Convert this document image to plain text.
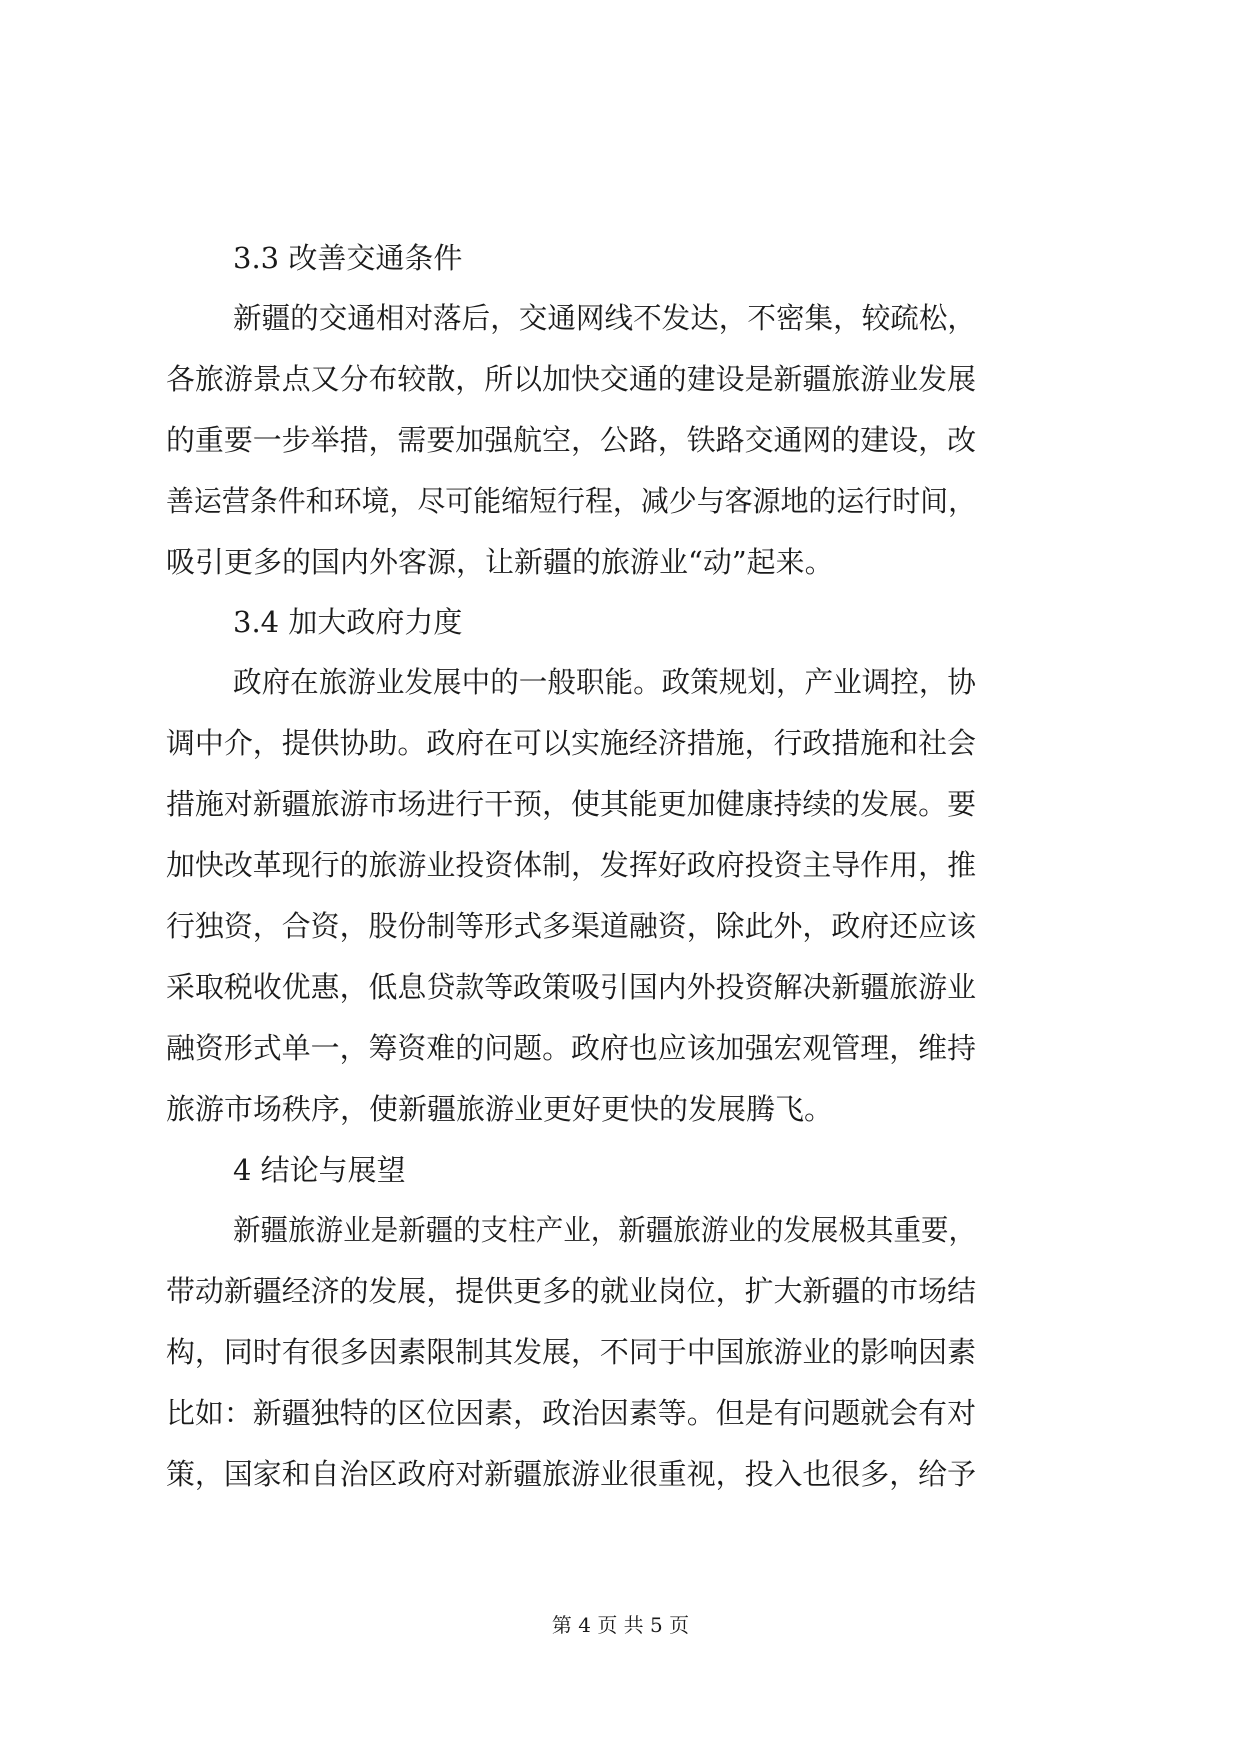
3.3 改善交通条件
新疆的交通相对落后，交通网线不发达，不密集，较疏松，
各旅游景点又分布较散，所以加快交通的建设是新疆旅游业发展
的重要一步举措，需要加强航空，公路，铁路交通网的建设，改
善运营条件和环境，尽可能缩短行程，减少与客源地的运行时间，
吸引更多的国内外客源，让新疆的旅游业“动”起来。
3.4 加大政府力度
政府在旅游业发展中的一般职能。政策规划，产业调控，协
调中介，提供协助。政府在可以实施经济措施，行政措施和社会
措施对新疆旅游市场进行干预，使其能更加健康持续的发展。要
加快改革现行的旅游业投资体制，发挥好政府投资主导作用，推
行独资，合资，股份制等形式多渠道融资，除此外，政府还应该
采取税收优惠，低息贷款等政策吸引国内外投资解决新疆旅游业
融资形式单一，筹资难的问题。政府也应该加强宏观管理，维持
旅游市场秩序，使新疆旅游业更好更快的发展腾飞。
4 结论与展望
新疆旅游业是新疆的支柱产业，新疆旅游业的发展极其重要，
带动新疆经济的发展，提供更多的就业岗位，扩大新疆的市场结
构，同时有很多因素限制其发展，不同于中国旅游业的影响因素
比如：新疆独特的区位因素，政治因素等。但是有问题就会有对
策，国家和自治区政府对新疆旅游业很重视，投入也很多，给予
第 4 页 共 5 页
